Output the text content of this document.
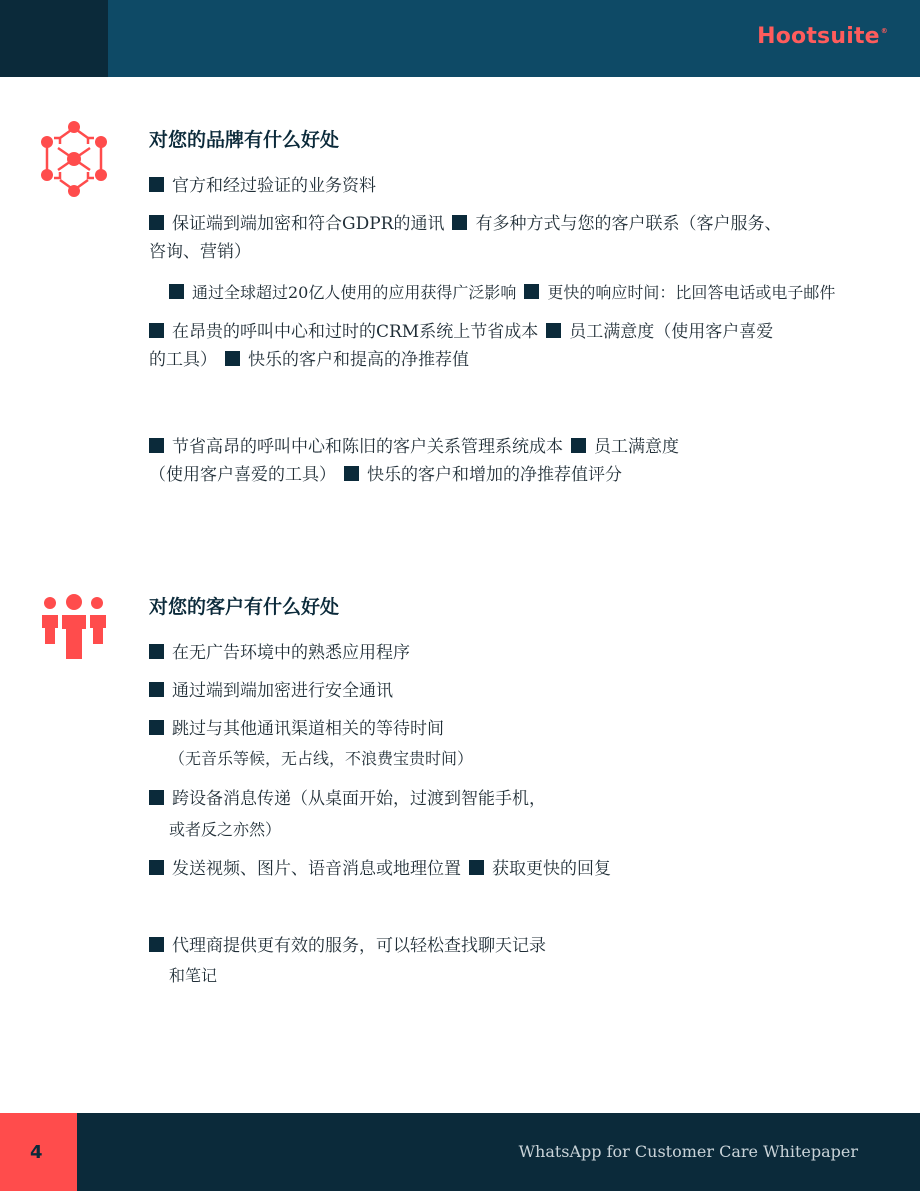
Hootsuite®
对您的品牌有什么好处
官方和经过验证的业务资料
保证端到端加密和符合GDPR的通讯 有多种方式与您的客户联系（客户服务、
咨询、营销）
通过全球超过20亿人使用的应用获得广泛影响 更快的响应时间：比回答电话或电子邮件
在昂贵的呼叫中心和过时的CRM系统上节省成本 员工满意度（使用客户喜爱
的工具） 快乐的客户和提高的净推荐值
节省高昂的呼叫中心和陈旧的客户关系管理系统成本 员工满意度
（使用客户喜爱的工具） 快乐的客户和增加的净推荐值评分
对您的客户有什么好处
在无广告环境中的熟悉应用程序
通过端到端加密进行安全通讯
跳过与其他通讯渠道相关的等待时间
（无音乐等候，无占线，不浪费宝贵时间）
跨设备消息传递（从桌面开始，过渡到智能手机，
或者反之亦然）
发送视频、图片、语音消息或地理位置 获取更快的回复
代理商提供更有效的服务，可以轻松查找聊天记录
和笔记
4	WhatsApp for Customer Care Whitepaper
